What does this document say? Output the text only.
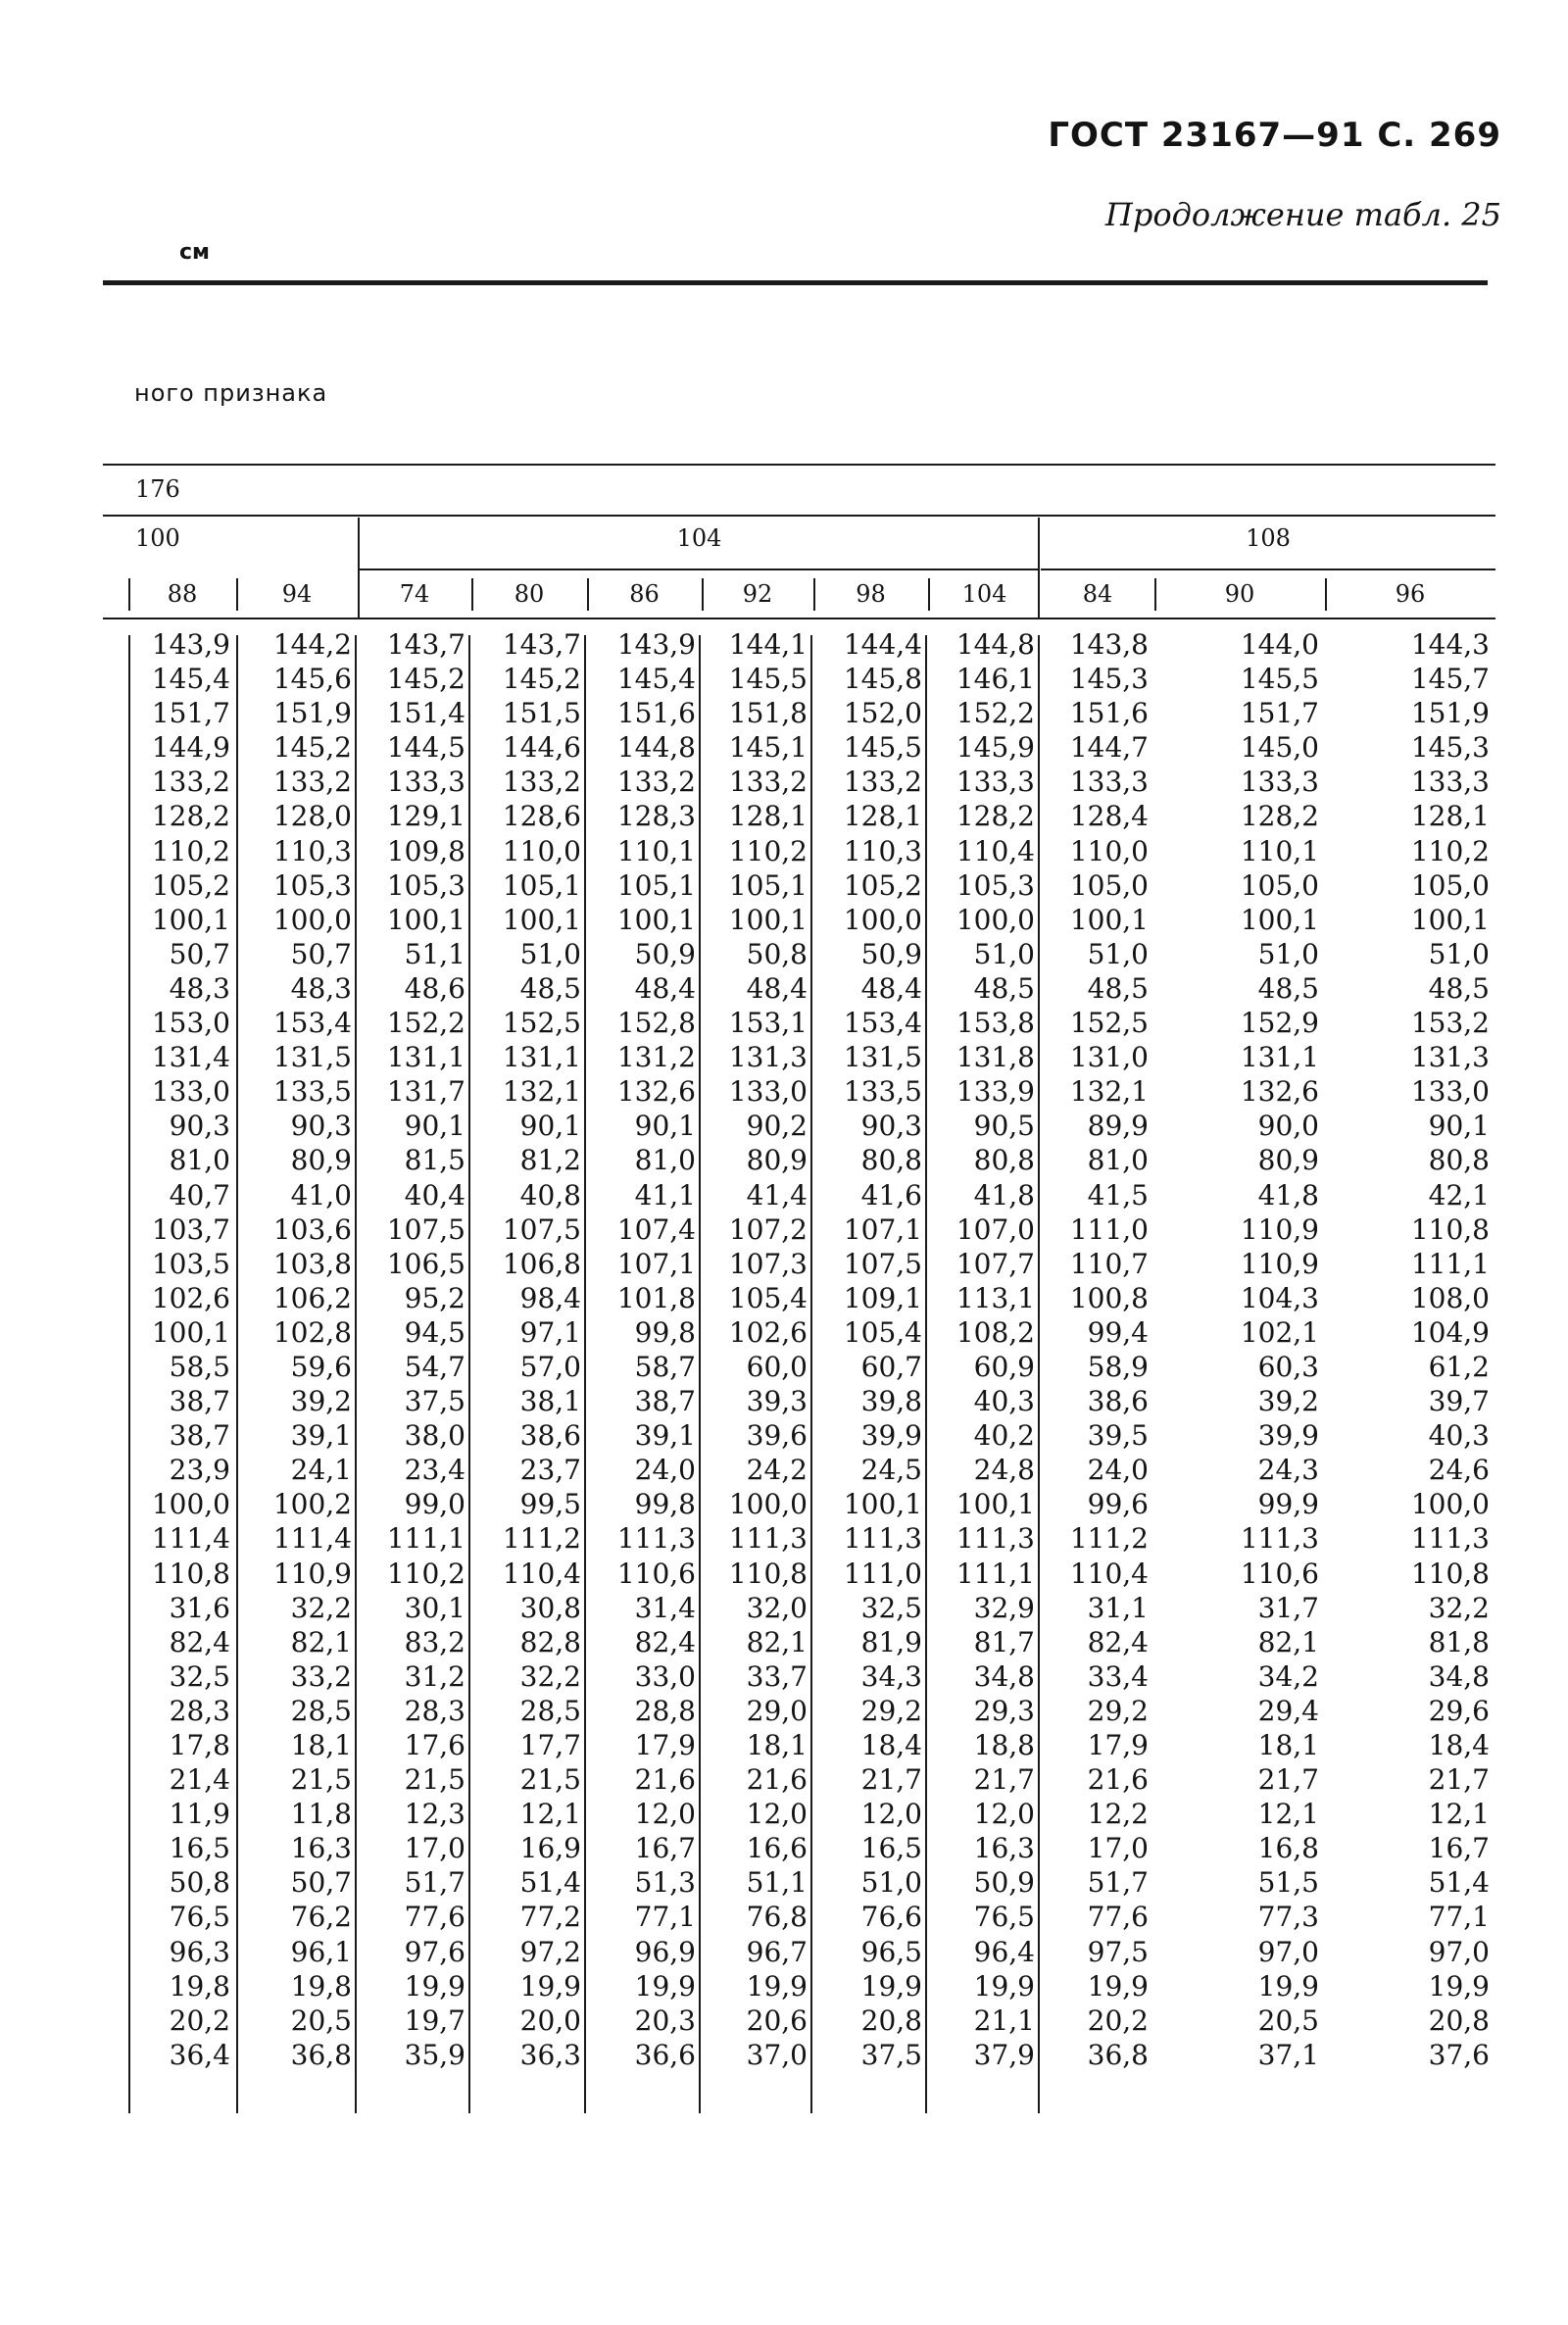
ГОСТ 23167—91 С. 269
Продолжение табл. 25
см
ного признака
176
100	104	108
88	94	74	80	86	92	98	104	84	90	96
143,9	144,2	143,7	143,7	143,9	144,1	144,4	144,8	143,8	144,0	144,3
145,4	145,6	145,2	145,2	145,4	145,5	145,8	146,1	145,3	145,5	145,7
151,7	151,9	151,4	151,5	151,6	151,8	152,0	152,2	151,6	151,7	151,9
144,9	145,2	144,5	144,6	144,8	145,1	145,5	145,9	144,7	145,0	145,3
133,2	133,2	133,3	133,2	133,2	133,2	133,2	133,3	133,3	133,3	133,3
128,2	128,0	129,1	128,6	128,3	128,1	128,1	128,2	128,4	128,2	128,1
110,2	110,3	109,8	110,0	110,1	110,2	110,3	110,4	110,0	110,1	110,2
105,2	105,3	105,3	105,1	105,1	105,1	105,2	105,3	105,0	105,0	105,0
100,1	100,0	100,1	100,1	100,1	100,1	100,0	100,0	100,1	100,1	100,1
50,7	50,7	51,1	51,0	50,9	50,8	50,9	51,0	51,0	51,0	51,0
48,3	48,3	48,6	48,5	48,4	48,4	48,4	48,5	48,5	48,5	48,5
153,0	153,4	152,2	152,5	152,8	153,1	153,4	153,8	152,5	152,9	153,2
131,4	131,5	131,1	131,1	131,2	131,3	131,5	131,8	131,0	131,1	131,3
133,0	133,5	131,7	132,1	132,6	133,0	133,5	133,9	132,1	132,6	133,0
90,3	90,3	90,1	90,1	90,1	90,2	90,3	90,5	89,9	90,0	90,1
81,0	80,9	81,5	81,2	81,0	80,9	80,8	80,8	81,0	80,9	80,8
40,7	41,0	40,4	40,8	41,1	41,4	41,6	41,8	41,5	41,8	42,1
103,7	103,6	107,5	107,5	107,4	107,2	107,1	107,0	111,0	110,9	110,8
103,5	103,8	106,5	106,8	107,1	107,3	107,5	107,7	110,7	110,9	111,1
102,6	106,2	95,2	98,4	101,8	105,4	109,1	113,1	100,8	104,3	108,0
100,1	102,8	94,5	97,1	99,8	102,6	105,4	108,2	99,4	102,1	104,9
58,5	59,6	54,7	57,0	58,7	60,0	60,7	60,9	58,9	60,3	61,2
38,7	39,2	37,5	38,1	38,7	39,3	39,8	40,3	38,6	39,2	39,7
38,7	39,1	38,0	38,6	39,1	39,6	39,9	40,2	39,5	39,9	40,3
23,9	24,1	23,4	23,7	24,0	24,2	24,5	24,8	24,0	24,3	24,6
100,0	100,2	99,0	99,5	99,8	100,0	100,1	100,1	99,6	99,9	100,0
111,4	111,4	111,1	111,2	111,3	111,3	111,3	111,3	111,2	111,3	111,3
110,8	110,9	110,2	110,4	110,6	110,8	111,0	111,1	110,4	110,6	110,8
31,6	32,2	30,1	30,8	31,4	32,0	32,5	32,9	31,1	31,7	32,2
82,4	82,1	83,2	82,8	82,4	82,1	81,9	81,7	82,4	82,1	81,8
32,5	33,2	31,2	32,2	33,0	33,7	34,3	34,8	33,4	34,2	34,8
28,3	28,5	28,3	28,5	28,8	29,0	29,2	29,3	29,2	29,4	29,6
17,8	18,1	17,6	17,7	17,9	18,1	18,4	18,8	17,9	18,1	18,4
21,4	21,5	21,5	21,5	21,6	21,6	21,7	21,7	21,6	21,7	21,7
11,9	11,8	12,3	12,1	12,0	12,0	12,0	12,0	12,2	12,1	12,1
16,5	16,3	17,0	16,9	16,7	16,6	16,5	16,3	17,0	16,8	16,7
50,8	50,7	51,7	51,4	51,3	51,1	51,0	50,9	51,7	51,5	51,4
76,5	76,2	77,6	77,2	77,1	76,8	76,6	76,5	77,6	77,3	77,1
96,3	96,1	97,6	97,2	96,9	96,7	96,5	96,4	97,5	97,0	97,0
19,8	19,8	19,9	19,9	19,9	19,9	19,9	19,9	19,9	19,9	19,9
20,2	20,5	19,7	20,0	20,3	20,6	20,8	21,1	20,2	20,5	20,8
36,4	36,8	35,9	36,3	36,6	37,0	37,5	37,9	36,8	37,1	37,6
